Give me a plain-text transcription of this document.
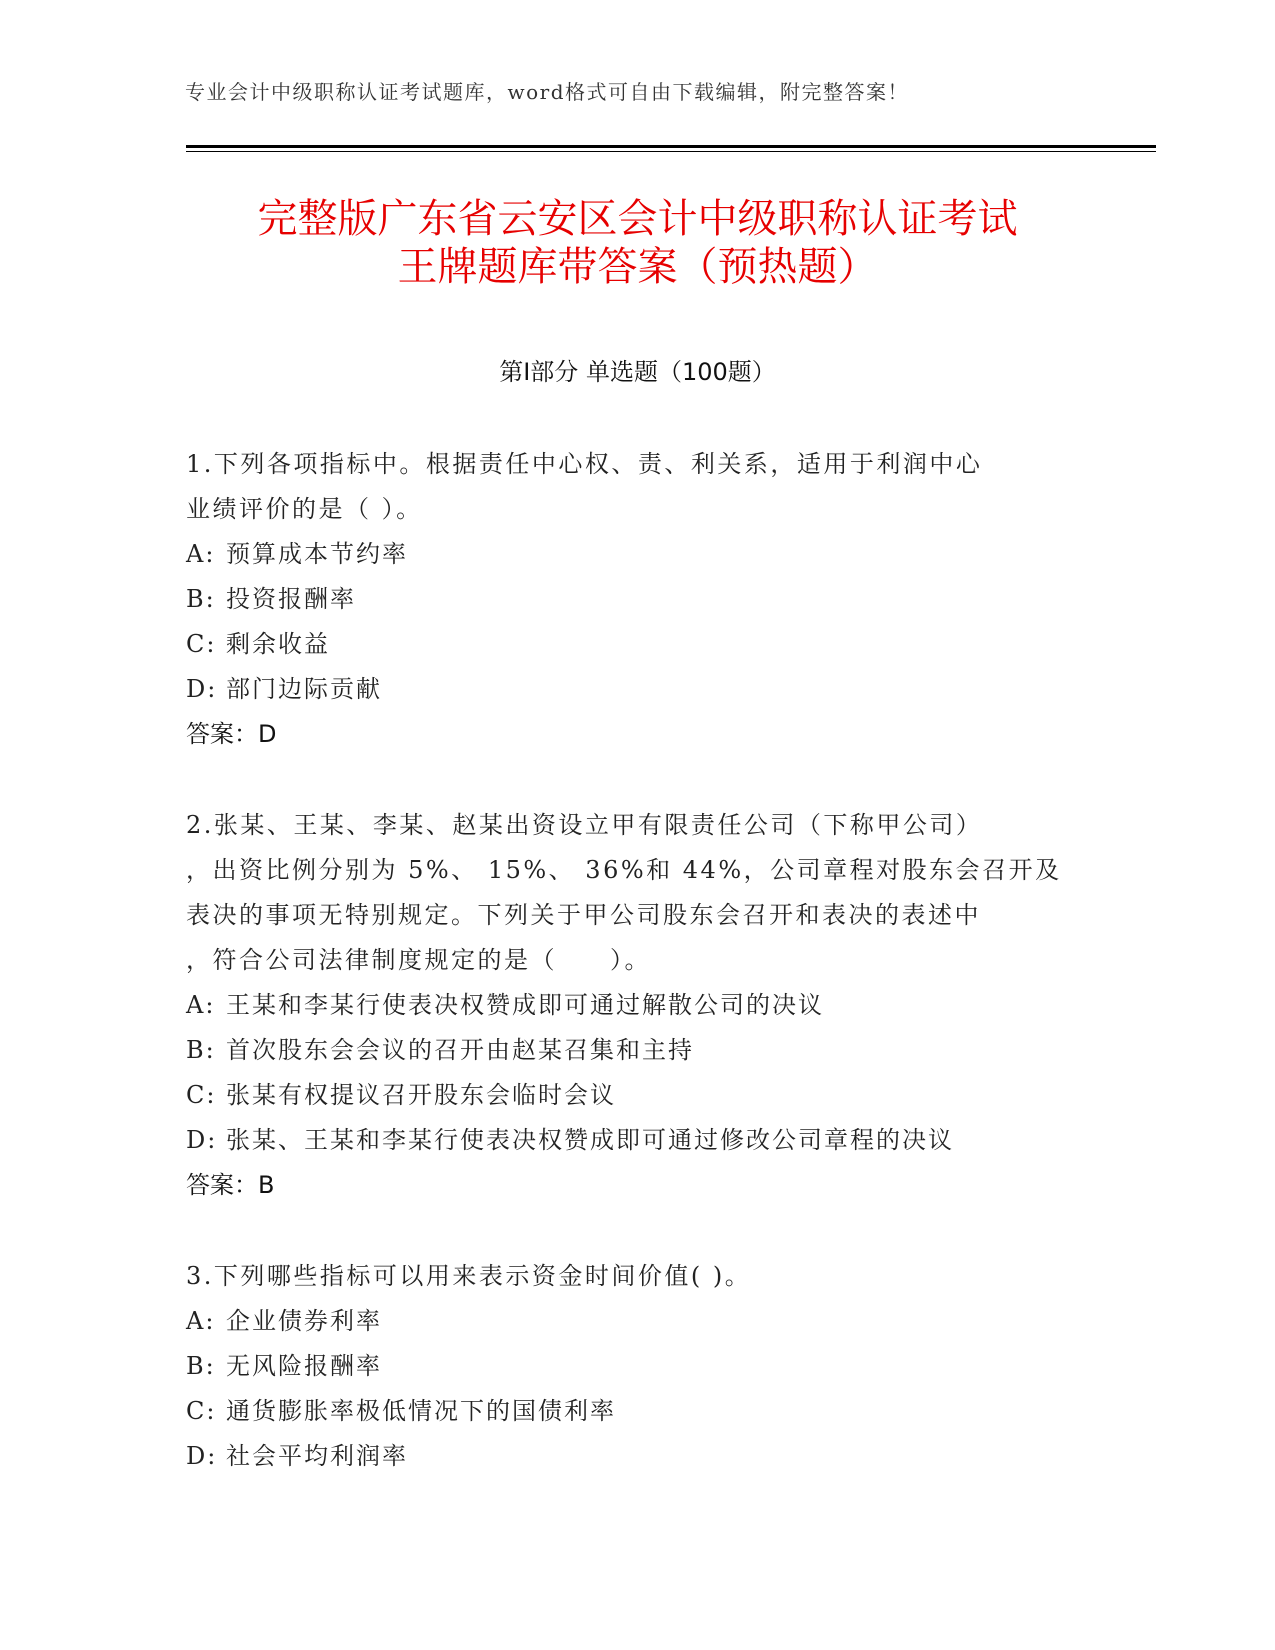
专业会计中级职称认证考试题库，word格式可自由下载编辑，附完整答案！
完整版广东省云安区会计中级职称认证考试
王牌题库带答案（预热题）
第Ⅰ部分 单选题（100题）
1.下列各项指标中。根据责任中心权、责、利关系，适用于利润中心
业绩评价的是（ ）。
A: 预算成本节约率
B: 投资报酬率
C: 剩余收益
D: 部门边际贡献
答案：D
2.张某、王某、李某、赵某出资设立甲有限责任公司（下称甲公司）
，出资比例分别为 5%、 15%、 36%和 44%，公司章程对股东会召开及
表决的事项无特别规定。下列关于甲公司股东会召开和表决的表述中
，符合公司法律制度规定的是（　　）。
A: 王某和李某行使表决权赞成即可通过解散公司的决议
B: 首次股东会会议的召开由赵某召集和主持
C: 张某有权提议召开股东会临时会议
D: 张某、王某和李某行使表决权赞成即可通过修改公司章程的决议
答案：B
3.下列哪些指标可以用来表示资金时间价值( )。
A: 企业债券利率
B: 无风险报酬率
C: 通货膨胀率极低情况下的国债利率
D: 社会平均利润率
